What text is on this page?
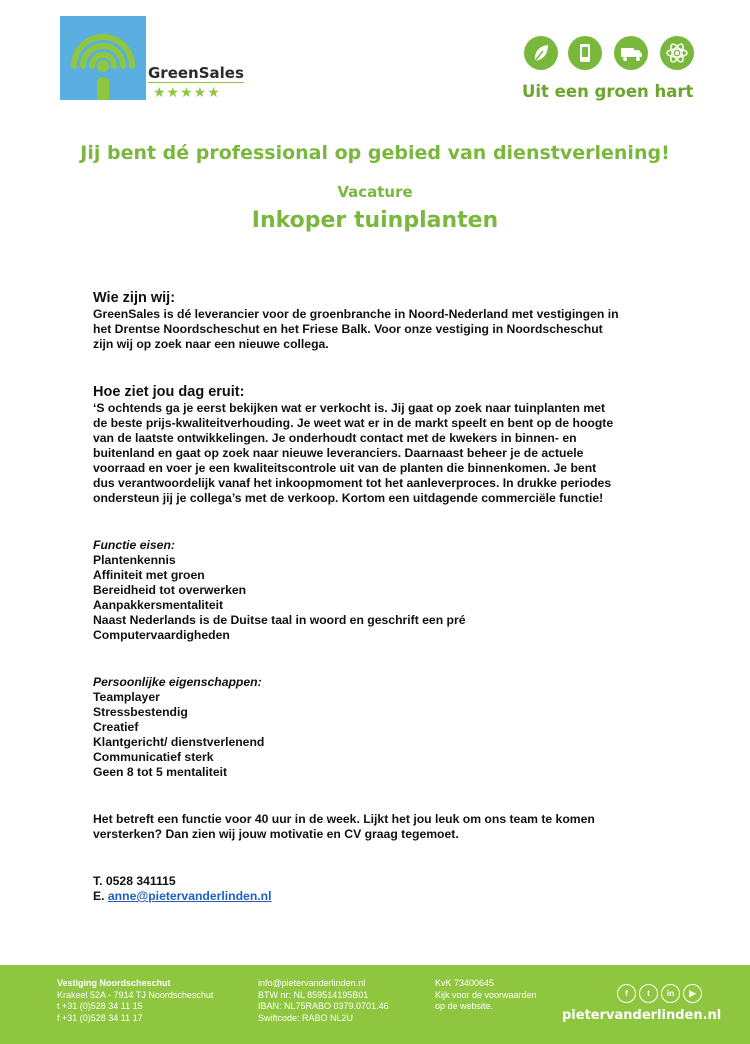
GreenSales
★★★★★	Uit een groen hart
Jij bent dé professional op gebied van dienstverlening!
Vacature
Inkoper tuinplanten
Wie zijn wij:
GreenSales is dé leverancier voor de groenbranche in Noord-Nederland met vestigingen in
het Drentse Noordscheschut en het Friese Balk. Voor onze vestiging in Noordscheschut
zijn wij op zoek naar een nieuwe collega.
Hoe ziet jou dag eruit:
‘S ochtends ga je eerst bekijken wat er verkocht is. Jij gaat op zoek naar tuinplanten met
de beste prijs-kwaliteitverhouding. Je weet wat er in de markt speelt en bent op de hoogte
van de laatste ontwikkelingen. Je onderhoudt contact met de kwekers in binnen- en
buitenland en gaat op zoek naar nieuwe leveranciers. Daarnaast beheer je de actuele
voorraad en voer je een kwaliteitscontrole uit van de planten die binnenkomen. Je bent
dus verantwoordelijk vanaf het inkoopmoment tot het aanleverproces. In drukke periodes
ondersteun jij je collega’s met de verkoop. Kortom een uitdagende commerciële functie!
Functie eisen:
Plantenkennis
Affiniteit met groen
Bereidheid tot overwerken
Aanpakkersmentaliteit
Naast Nederlands is de Duitse taal in woord en geschrift een pré
Computervaardigheden
Persoonlijke eigenschappen:
Teamplayer
Stressbestendig
Creatief
Klantgericht/ dienstverlenend
Communicatief sterk
Geen 8 tot 5 mentaliteit
Het betreft een functie voor 40 uur in de week. Lijkt het jou leuk om ons team te komen
versterken? Dan zien wij jouw motivatie en CV graag tegemoet.
T. 0528 341115
E. anne@pietervanderlinden.nl
Vestiging Noordscheschut
Krakeel 52A - 7914 TJ Noordscheschut
t +31 (0)528 34 11 15
f +31 (0)528 34 11 17
info@pietervanderlinden.nl
BTW nr: NL 859514195B01
IBAN: NL75RABO 0379.0701.46
Swiftcode: RABO NL2U
KvK 73400645
Kijk voor de voorwaarden
op de website.
f t in ▶
pietervanderlinden.nl
